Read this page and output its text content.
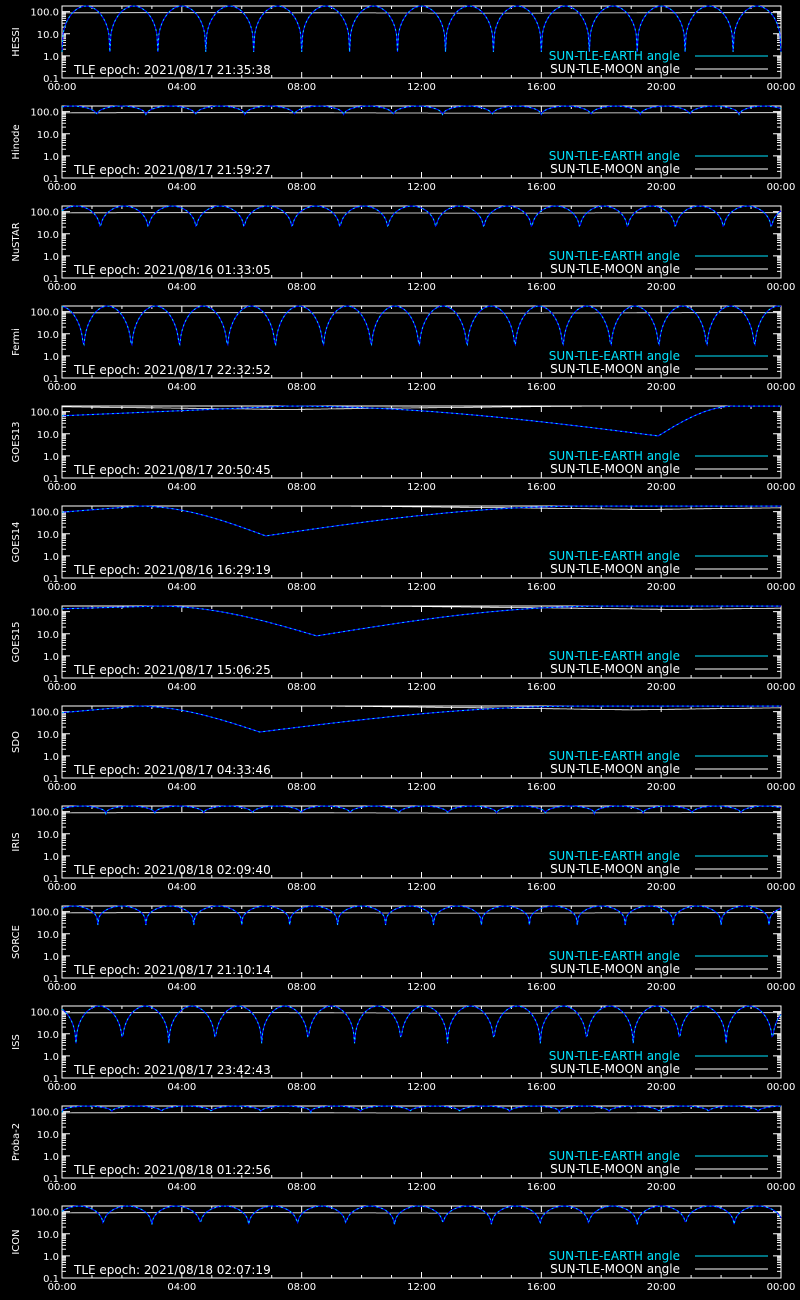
100.0
10.0
1.0
0.1
00:00	04:00	08:00	12:00	16:00	20:00	00:00
HESSI	SUN-TLE-EARTH angle
SUN-TLE-MOON angle
TLE epoch: 2021/08/17 21:35:38
100.0
10.0
1.0
0.1
00:00	04:00	08:00	12:00	16:00	20:00	00:00
Hinode	SUN-TLE-EARTH angle
SUN-TLE-MOON angle
TLE epoch: 2021/08/17 21:59:27
100.0
10.0
1.0
0.1
00:00	04:00	08:00	12:00	16:00	20:00	00:00
NuSTAR	SUN-TLE-EARTH angle
SUN-TLE-MOON angle
TLE epoch: 2021/08/16 01:33:05
100.0
10.0
1.0
0.1
00:00	04:00	08:00	12:00	16:00	20:00	00:00
Fermi
SUN-TLE-EARTH angle
SUN-TLE-MOON angle
TLE epoch: 2021/08/17 22:32:52
100.0
10.0
1.0
0.1
00:00	04:00	08:00	12:00	16:00	20:00	00:00
GOES13	SUN-TLE-EARTH angle
SUN-TLE-MOON angle
TLE epoch: 2021/08/17 20:50:45
100.0
10.0
1.0
0.1
00:00	04:00	08:00	12:00	16:00	20:00	00:00
GOES14	SUN-TLE-EARTH angle
SUN-TLE-MOON angle
TLE epoch: 2021/08/16 16:29:19
100.0
10.0
1.0
0.1
00:00	04:00	08:00	12:00	16:00	20:00	00:00
GOES15	SUN-TLE-EARTH angle
SUN-TLE-MOON angle
TLE epoch: 2021/08/17 15:06:25
100.0
10.0
1.0
0.1
00:00	04:00	08:00	12:00	16:00	20:00	00:00
SDO
SUN-TLE-EARTH angle
SUN-TLE-MOON angle
TLE epoch: 2021/08/17 04:33:46
100.0
10.0
1.0
0.1
00:00	04:00	08:00	12:00	16:00	20:00	00:00
IRIS
SUN-TLE-EARTH angle
SUN-TLE-MOON angle
TLE epoch: 2021/08/18 02:09:40
100.0
10.0
1.0
0.1
00:00	04:00	08:00	12:00	16:00	20:00	00:00
SORCE	SUN-TLE-EARTH angle
SUN-TLE-MOON angle
TLE epoch: 2021/08/17 21:10:14
100.0
10.0
1.0
0.1
00:00	04:00	08:00	12:00	16:00	20:00	00:00
ISS
SUN-TLE-EARTH angle
SUN-TLE-MOON angle
TLE epoch: 2021/08/17 23:42:43
100.0
10.0
1.0
0.1
00:00	04:00	08:00	12:00	16:00	20:00	00:00
Proba-2	SUN-TLE-EARTH angle
SUN-TLE-MOON angle
TLE epoch: 2021/08/18 01:22:56
100.0
10.0
1.0
0.1
00:00	04:00	08:00	12:00	16:00	20:00	00:00
ICON
SUN-TLE-EARTH angle
SUN-TLE-MOON angle
TLE epoch: 2021/08/18 02:07:19
